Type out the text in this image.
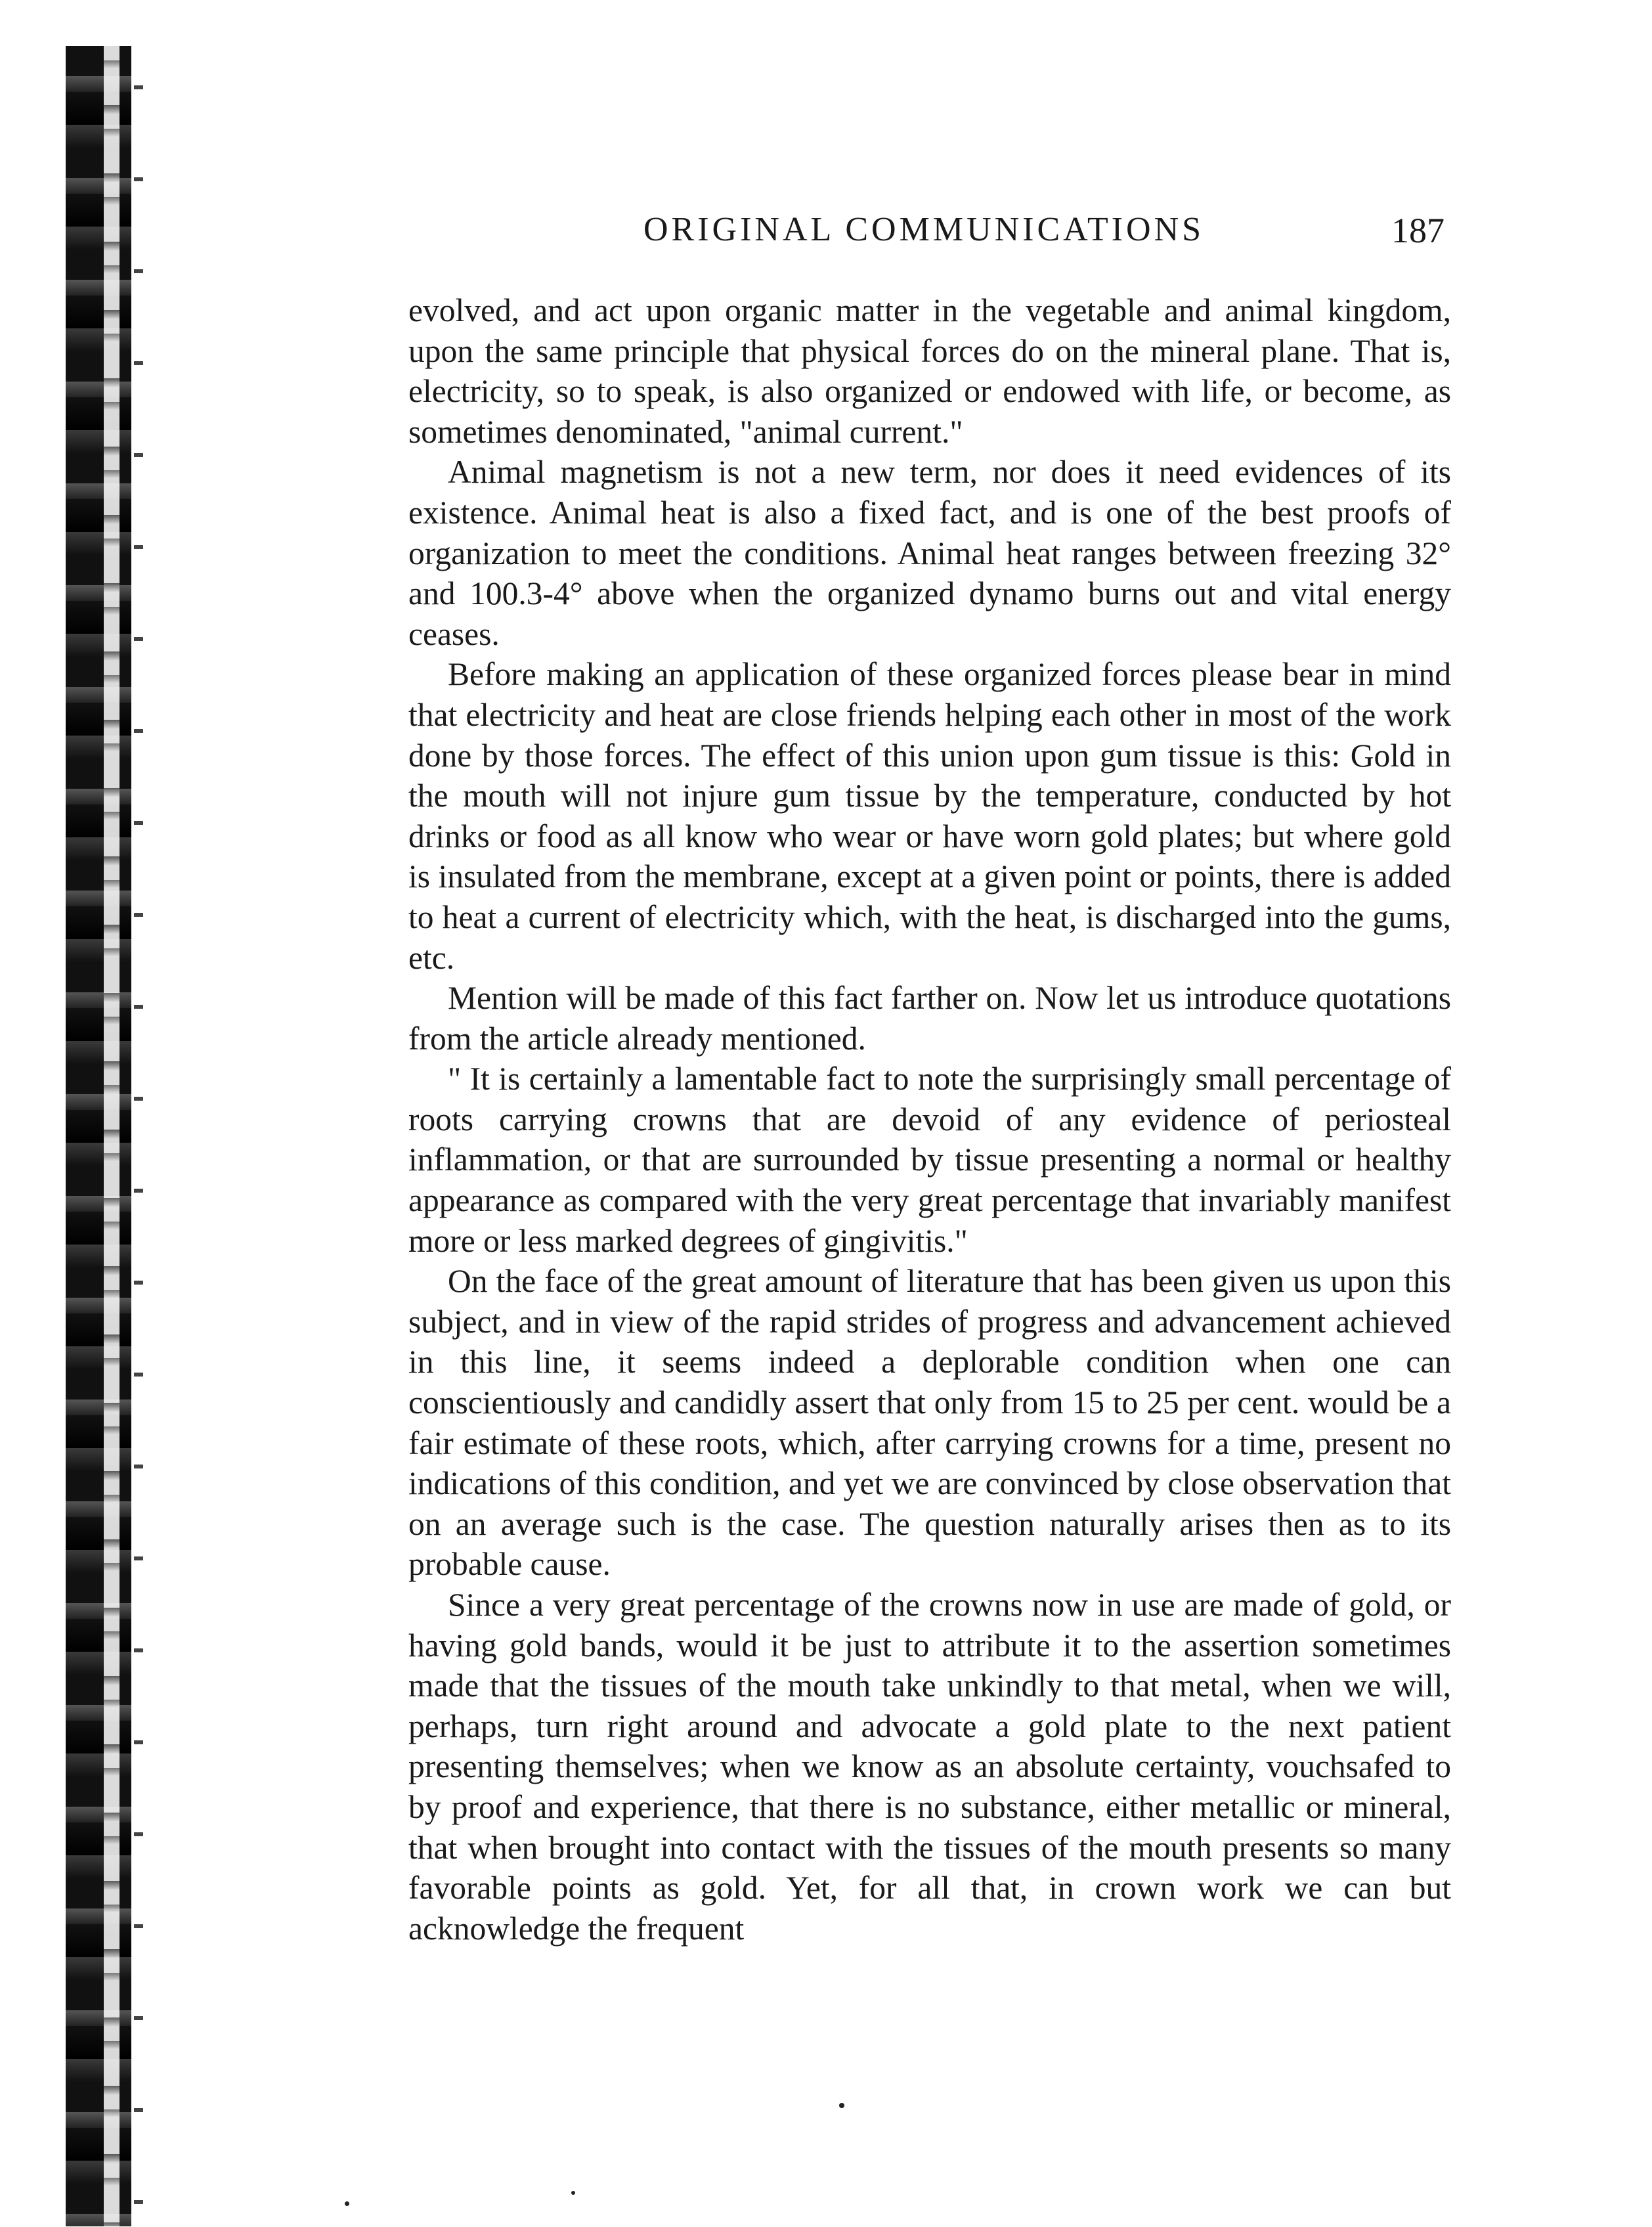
ORIGINAL COMMUNICATIONS	187

evolved, and act upon organic matter in the vegetable and animal kingdom, upon the same principle that physical forces do on the mineral plane. That is, electricity, so to speak, is also organized or endowed with life, or become, as sometimes denominated, "animal current."

Animal magnetism is not a new term, nor does it need evidences of its existence. Animal heat is also a fixed fact, and is one of the best proofs of organization to meet the conditions. Animal heat ranges between freezing 32° and 100.3-4° above when the organized dynamo burns out and vital energy ceases.

Before making an application of these organized forces please bear in mind that electricity and heat are close friends helping each other in most of the work done by those forces. The effect of this union upon gum tissue is this: Gold in the mouth will not injure gum tissue by the temperature, conducted by hot drinks or food as all know who wear or have worn gold plates; but where gold is insulated from the membrane, except at a given point or points, there is added to heat a current of electricity which, with the heat, is discharged into the gums, etc.

Mention will be made of this fact farther on. Now let us introduce quotations from the article already mentioned.

" It is certainly a lamentable fact to note the surprisingly small percentage of roots carrying crowns that are devoid of any evidence of periosteal inflammation, or that are surrounded by tissue presenting a normal or healthy appearance as compared with the very great percentage that invariably manifest more or less marked degrees of gingivitis."

On the face of the great amount of literature that has been given us upon this subject, and in view of the rapid strides of progress and advancement achieved in this line, it seems indeed a deplorable condition when one can conscientiously and candidly assert that only from 15 to 25 per cent. would be a fair estimate of these roots, which, after carrying crowns for a time, present no indications of this condition, and yet we are convinced by close observation that on an average such is the case. The question naturally arises then as to its probable cause.

Since a very great percentage of the crowns now in use are made of gold, or having gold bands, would it be just to attribute it to the assertion sometimes made that the tissues of the mouth take unkindly to that metal, when we will, perhaps, turn right around and advocate a gold plate to the next patient presenting themselves; when we know as an absolute certainty, vouchsafed to by proof and experience, that there is no substance, either metallic or mineral, that when brought into contact with the tissues of the mouth presents so many favorable points as gold. Yet, for all that, in crown work we can but acknowledge the frequent
